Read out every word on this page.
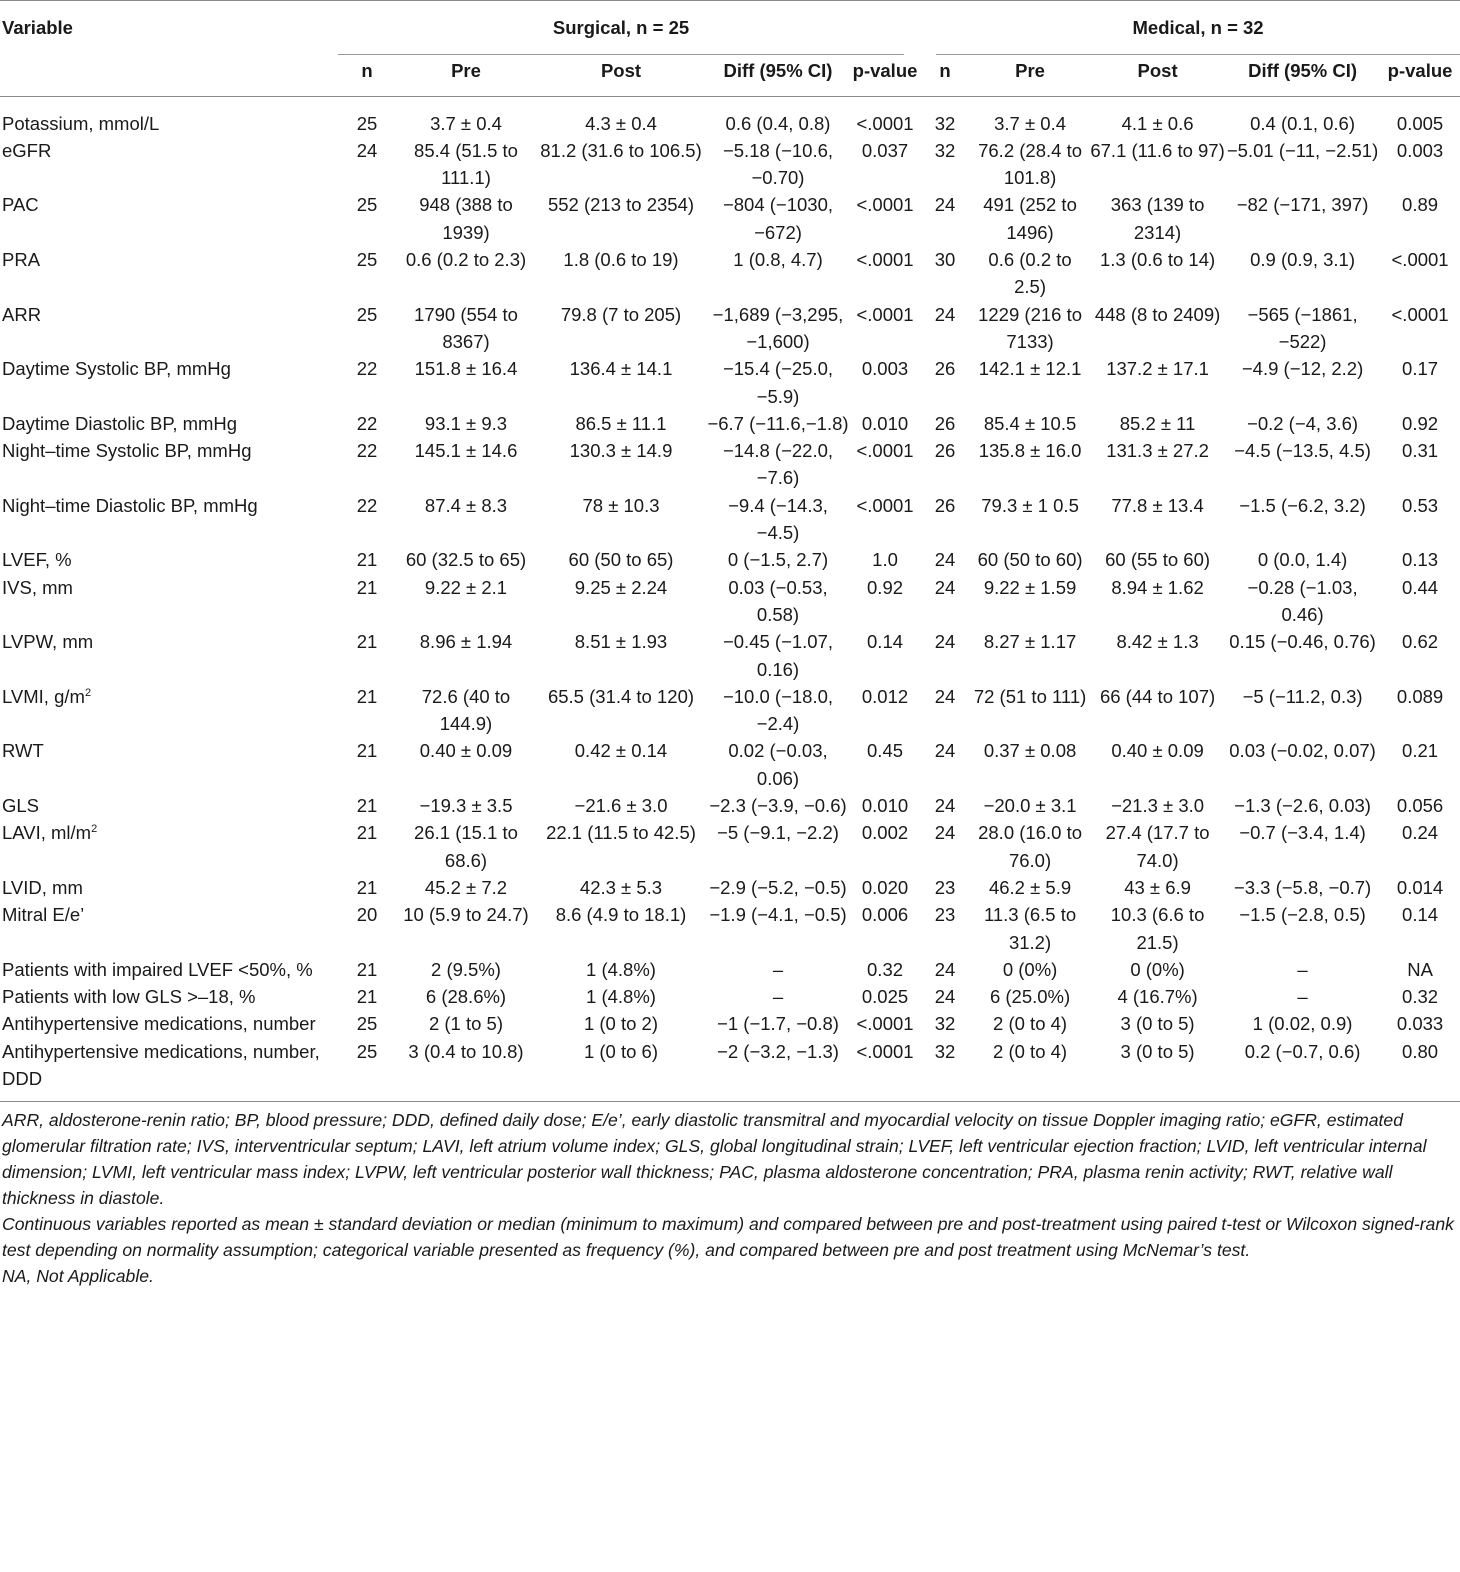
Variable	Surgical, n = 25					Medical, n = 32				

	n	Pre	Post	Diff (95% CI)	p-value	n	Pre	Post	Diff (95% CI)	p-value
Potassium, mmol/L	25	3.7 ± 0.4	4.3 ± 0.4	0.6 (0.4, 0.8)	<.0001	32	3.7 ± 0.4	4.1 ± 0.6	0.4 (0.1, 0.6)	0.005
eGFR	24	85.4 (51.5 to 111.1)	81.2 (31.6 to 106.5)	−5.18 (−10.6, −0.70)	0.037	32	76.2 (28.4 to 101.8)	67.1 (11.6 to 97)	−5.01 (−11, −2.51)	0.003
PAC	25	948 (388 to 1939)	552 (213 to 2354)	−804 (−1030, −672)	<.0001	24	491 (252 to 1496)	363 (139 to 2314)	−82 (−171, 397)	0.89
PRA	25	0.6 (0.2 to 2.3)	1.8 (0.6 to 19)	1 (0.8, 4.7)	<.0001	30	0.6 (0.2 to 2.5)	1.3 (0.6 to 14)	0.9 (0.9, 3.1)	<.0001
ARR	25	1790 (554 to 8367)	79.8 (7 to 205)	−1,689 (−3,295, −1,600)	<.0001	24	1229 (216 to 7133)	448 (8 to 2409)	−565 (−1861, −522)	<.0001
Daytime Systolic BP, mmHg	22	151.8 ± 16.4	136.4 ± 14.1	−15.4 (−25.0, −5.9)	0.003	26	142.1 ± 12.1	137.2 ± 17.1	−4.9 (−12, 2.2)	0.17
Daytime Diastolic BP, mmHg	22	93.1 ± 9.3	86.5 ± 11.1	−6.7 (−11.6,−1.8)	0.010	26	85.4 ± 10.5	85.2 ± 11	−0.2 (−4, 3.6)	0.92
Night–time Systolic BP, mmHg	22	145.1 ± 14.6	130.3 ± 14.9	−14.8 (−22.0, −7.6)	<.0001	26	135.8 ± 16.0	131.3 ± 27.2	−4.5 (−13.5, 4.5)	0.31
Night–time Diastolic BP, mmHg	22	87.4 ± 8.3	78 ± 10.3	−9.4 (−14.3, −4.5)	<.0001	26	79.3 ± 1 0.5	77.8 ± 13.4	−1.5 (−6.2, 3.2)	0.53
LVEF, %	21	60 (32.5 to 65)	60 (50 to 65)	0 (−1.5, 2.7)	1.0	24	60 (50 to 60)	60 (55 to 60)	0 (0.0, 1.4)	0.13
IVS, mm	21	9.22 ± 2.1	9.25 ± 2.24	0.03 (−0.53, 0.58)	0.92	24	9.22 ± 1.59	8.94 ± 1.62	−0.28 (−1.03, 0.46)	0.44
LVPW, mm	21	8.96 ± 1.94	8.51 ± 1.93	−0.45 (−1.07, 0.16)	0.14	24	8.27 ± 1.17	8.42 ± 1.3	0.15 (−0.46, 0.76)	0.62
LVMI, $g/m^2$	21	72.6 (40 to 144.9)	65.5 (31.4 to 120)	−10.0 (−18.0, −2.4)	0.012	24	72 (51 to 111)	66 (44 to 107)	−5 (−11.2, 0.3)	0.089
RWT	21	0.40 ± 0.09	0.42 ± 0.14	0.02 (−0.03, 0.06)	0.45	24	0.37 ± 0.08	0.40 ± 0.09	0.03 (−0.02, 0.07)	0.21
GLS	21	−19.3 ± 3.5	−21.6 ± 3.0	−2.3 (−3.9, −0.6)	0.010	24	−20.0 ± 3.1	−21.3 ± 3.0	−1.3 (−2.6, 0.03)	0.056
LAVI, $ml/m^2$	21	26.1 (15.1 to 68.6)	22.1 (11.5 to 42.5)	−5 (−9.1, −2.2)	0.002	24	28.0 (16.0 to 76.0)	27.4 (17.7 to 74.0)	−0.7 (−3.4, 1.4)	0.24
LVID, mm	21	45.2 ± 7.2	42.3 ± 5.3	−2.9 (−5.2, −0.5)	0.020	23	46.2 ± 5.9	43 ± 6.9	−3.3 (−5.8, −0.7)	0.014
Mitral E/e’	20	10 (5.9 to 24.7)	8.6 (4.9 to 18.1)	−1.9 (−4.1, −0.5)	0.006	23	11.3 (6.5 to 31.2)	10.3 (6.6 to 21.5)	−1.5 (−2.8, 0.5)	0.14
Patients with impaired LVEF <50%, %	21	2 (9.5%)	1 (4.8%)	–	0.32	24	0 (0%)	0 (0%)	–	NA
Patients with low GLS >–18, %	21	6 (28.6%)	1 (4.8%)	–	0.025	24	6 (25.0%)	4 (16.7%)	–	0.32
Antihypertensive medications, number	25	2 (1 to 5)	1 (0 to 2)	−1 (−1.7, −0.8)	<.0001	32	2 (0 to 4)	3 (0 to 5)	1 (0.02, 0.9)	0.033
Antihypertensive medications, number, DDD	25	3 (0.4 to 10.8)	1 (0 to 6)	−2 (−3.2, −1.3)	<.0001	32	2 (0 to 4)	3 (0 to 5)	0.2 (−0.7, 0.6)	0.80

ARR, aldosterone-renin ratio; BP, blood pressure; DDD, defined daily dose; E/e’, early diastolic transmitral and myocardial velocity on tissue Doppler imaging ratio; eGFR, estimated glomerular filtration rate; IVS, interventricular septum; LAVI, left atrium volume index; GLS, global longitudinal strain; LVEF, left ventricular ejection fraction; LVID, left ventricular internal dimension; LVMI, left ventricular mass index; LVPW, left ventricular posterior wall thickness; PAC, plasma aldosterone concentration; PRA, plasma renin activity; RWT, relative wall thickness in diastole.

Continuous variables reported as mean ± standard deviation or median (minimum to maximum) and compared between pre and post-treatment using paired t-test or Wilcoxon signed-rank test depending on normality assumption; categorical variable presented as frequency (%), and compared between pre and post treatment using McNemar’s test.

NA, Not Applicable.
